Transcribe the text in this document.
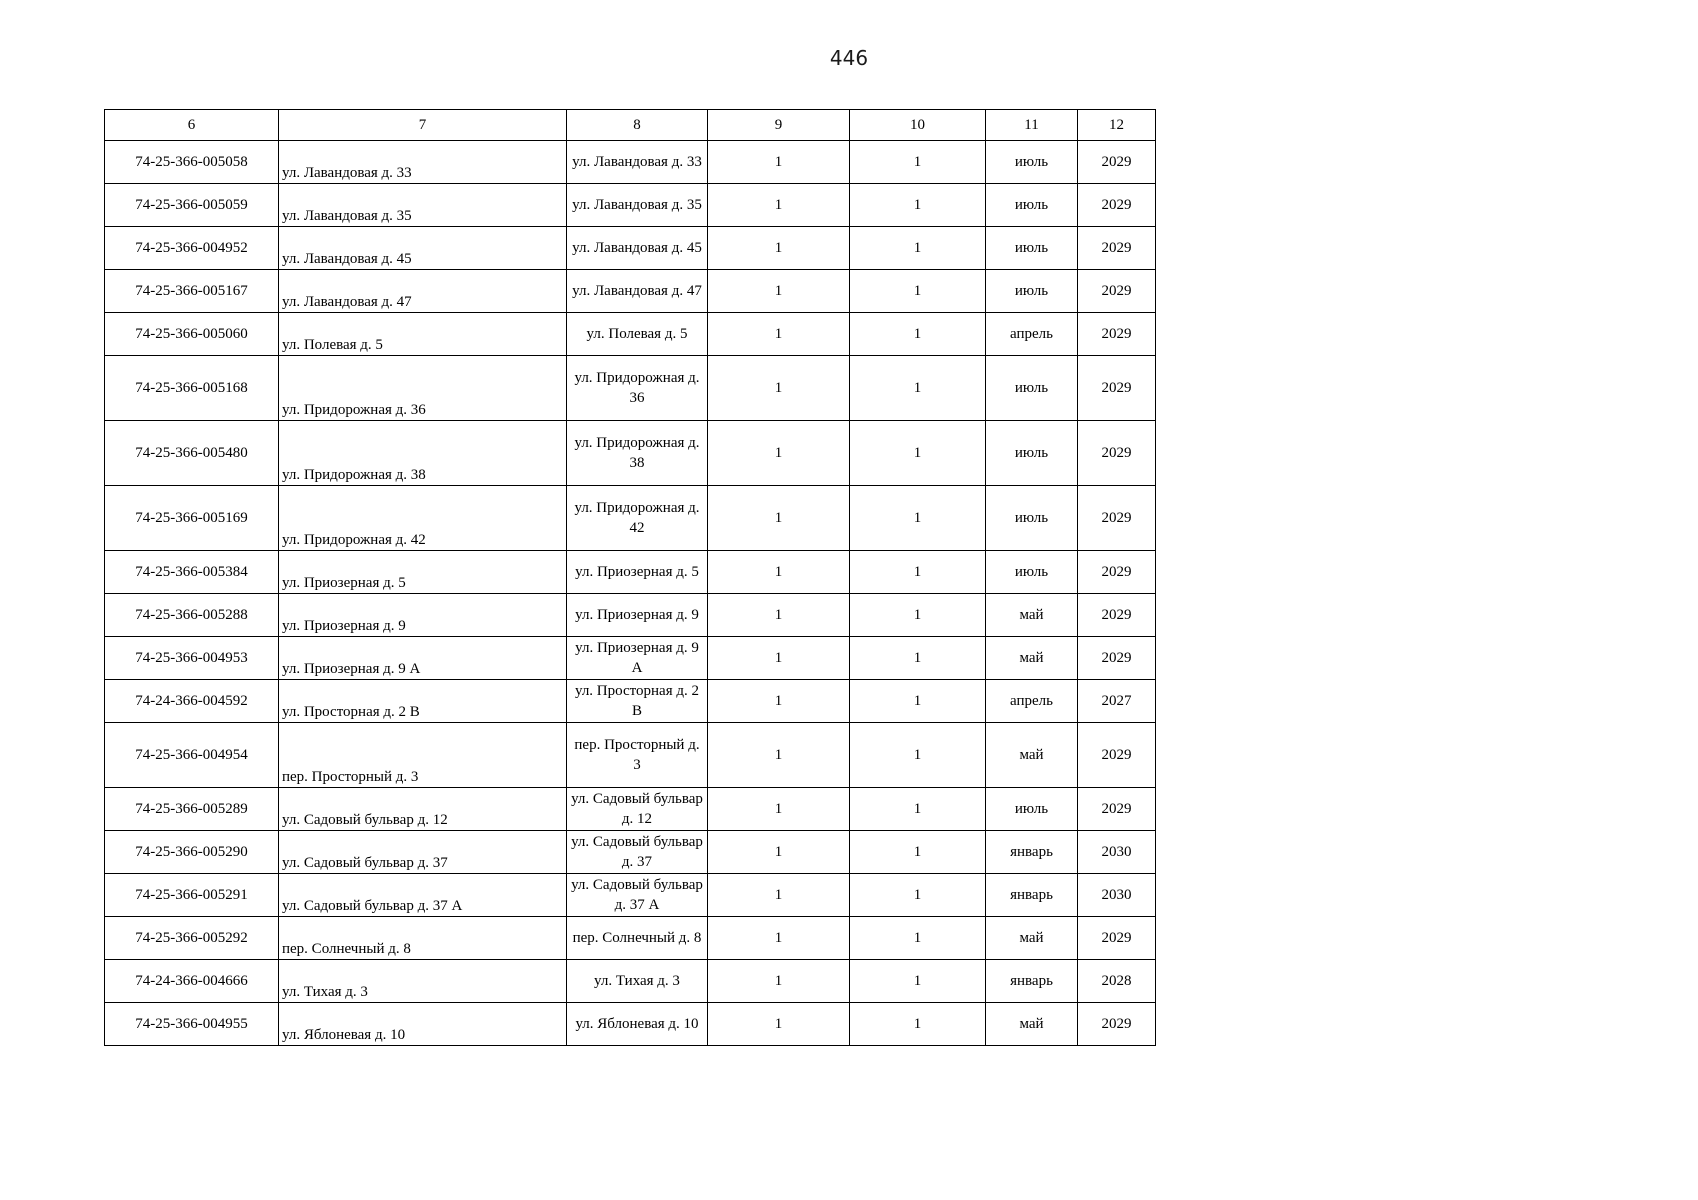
446
6	7	8	9	10	11	12
74-25-366-005058	ул. Лавандовая д. 33	ул. Лавандовая д. 33	1	1	июль	2029
74-25-366-005059	ул. Лавандовая д. 35	ул. Лавандовая д. 35	1	1	июль	2029
74-25-366-004952	ул. Лавандовая д. 45	ул. Лавандовая д. 45	1	1	июль	2029
74-25-366-005167	ул. Лавандовая д. 47	ул. Лавандовая д. 47	1	1	июль	2029
74-25-366-005060	ул. Полевая д. 5	ул. Полевая д. 5	1	1	апрель	2029
74-25-366-005168	ул. Придорожная д. 36	ул. Придорожная д. 36	1	1	июль	2029
74-25-366-005480	ул. Придорожная д. 38	ул. Придорожная д. 38	1	1	июль	2029
74-25-366-005169	ул. Придорожная д. 42	ул. Придорожная д. 42	1	1	июль	2029
74-25-366-005384	ул. Приозерная д. 5	ул. Приозерная д. 5	1	1	июль	2029
74-25-366-005288	ул. Приозерная д. 9	ул. Приозерная д. 9	1	1	май	2029
74-25-366-004953	ул. Приозерная д. 9 А	ул. Приозерная д. 9 А	1	1	май	2029
74-24-366-004592	ул. Просторная д. 2 В	ул. Просторная д. 2 В	1	1	апрель	2027
74-25-366-004954	пер. Просторный д. 3	пер. Просторный д. 3	1	1	май	2029
74-25-366-005289	ул. Садовый бульвар д. 12	ул. Садовый бульвар д. 12	1	1	июль	2029
74-25-366-005290	ул. Садовый бульвар д. 37	ул. Садовый бульвар д. 37	1	1	январь	2030
74-25-366-005291	ул. Садовый бульвар д. 37 А	ул. Садовый бульвар д. 37 А	1	1	январь	2030
74-25-366-005292	пер. Солнечный д. 8	пер. Солнечный д. 8	1	1	май	2029
74-24-366-004666	ул. Тихая д. 3	ул. Тихая д. 3	1	1	январь	2028
74-25-366-004955	ул. Яблоневая д. 10	ул. Яблоневая д. 10	1	1	май	2029
